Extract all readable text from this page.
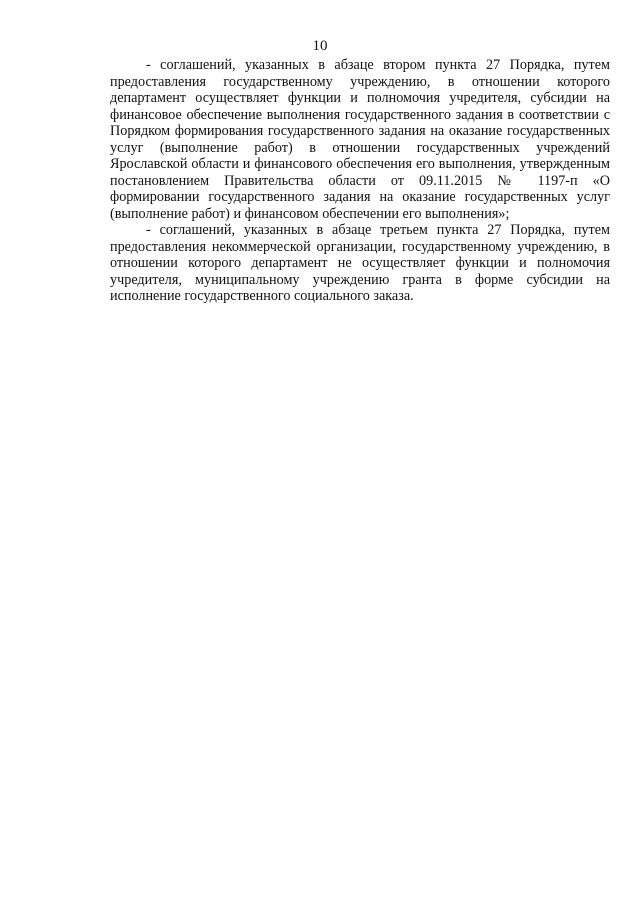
10

- соглашений, указанных в абзаце втором пункта 27 Порядка, путем предоставления государственному учреждению, в отношении которого департамент осуществляет функции и полномочия учредителя, субсидии на финансовое обеспечение выполнения государственного задания в соответствии с Порядком формирования государственного задания на оказание государственных услуг (выполнение работ) в отношении государственных учреждений Ярославской области и финансового обеспечения его выполнения, утвержденным постановлением Правительства области от 09.11.2015 № 1197-п «О формировании государственного задания на оказание государственных услуг (выполнение работ) и финансовом обеспечении его выполнения»;

- соглашений, указанных в абзаце третьем пункта 27 Порядка, путем предоставления некоммерческой организации, государственному учреждению, в отношении которого департамент не осуществляет функции и полномочия учредителя, муниципальному учреждению гранта в форме субсидии на исполнение государственного социального заказа.
